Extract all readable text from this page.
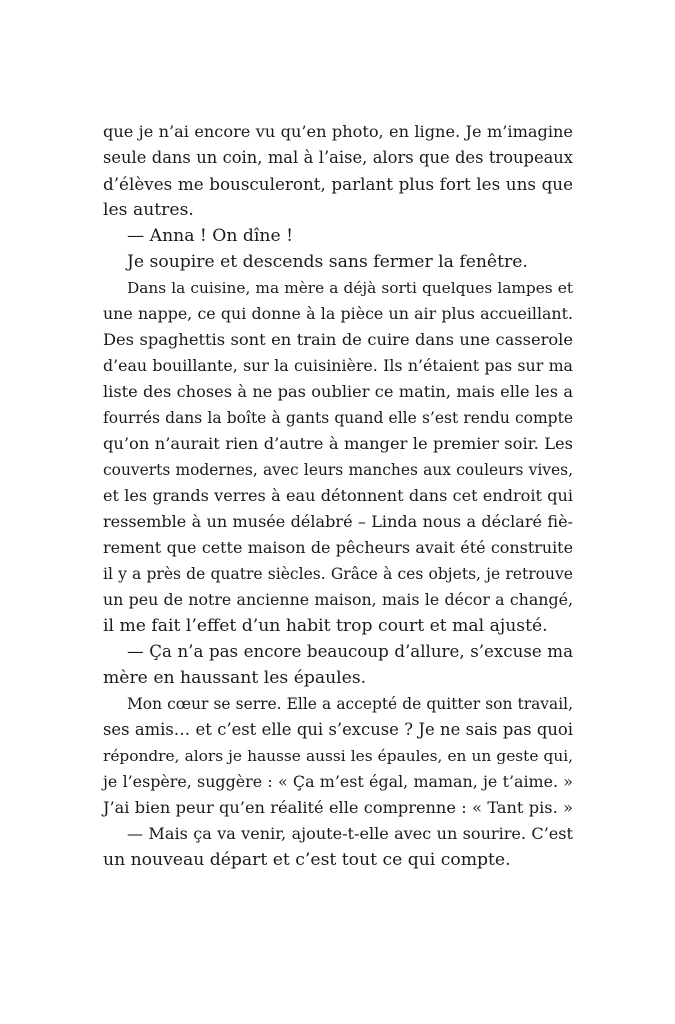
que je n’ai encore vu qu’en photo, en ligne. Je m’imagine
seule dans un coin, mal à l’aise, alors que des troupeaux
d’élèves me bousculeront, parlant plus fort les uns que
les autres.
— Anna ! On dîne !
Je soupire et descends sans fermer la fenêtre.
Dans la cuisine, ma mère a déjà sorti quelques lampes et
une nappe, ce qui donne à la pièce un air plus accueillant.
Des spaghettis sont en train de cuire dans une casserole
d’eau bouillante, sur la cuisinière. Ils n’étaient pas sur ma
liste des choses à ne pas oublier ce matin, mais elle les a
fourrés dans la boîte à gants quand elle s’est rendu compte
qu’on n’aurait rien d’autre à manger le premier soir. Les
couverts modernes, avec leurs manches aux couleurs vives,
et les grands verres à eau détonnent dans cet endroit qui
ressemble à un musée délabré – Linda nous a déclaré fiè-
rement que cette maison de pêcheurs avait été construite
il y a près de quatre siècles. Grâce à ces objets, je retrouve
un peu de notre ancienne maison, mais le décor a changé,
il me fait l’effet d’un habit trop court et mal ajusté.
— Ça n’a pas encore beaucoup d’allure, s’excuse ma
mère en haussant les épaules.
Mon cœur se serre. Elle a accepté de quitter son travail,
ses amis… et c’est elle qui s’excuse ? Je ne sais pas quoi
répondre, alors je hausse aussi les épaules, en un geste qui,
je l’espère, suggère : « Ça m’est égal, maman, je t’aime. »
J’ai bien peur qu’en réalité elle comprenne : « Tant pis. »
— Mais ça va venir, ajoute-t-elle avec un sourire. C’est
un nouveau départ et c’est tout ce qui compte.
